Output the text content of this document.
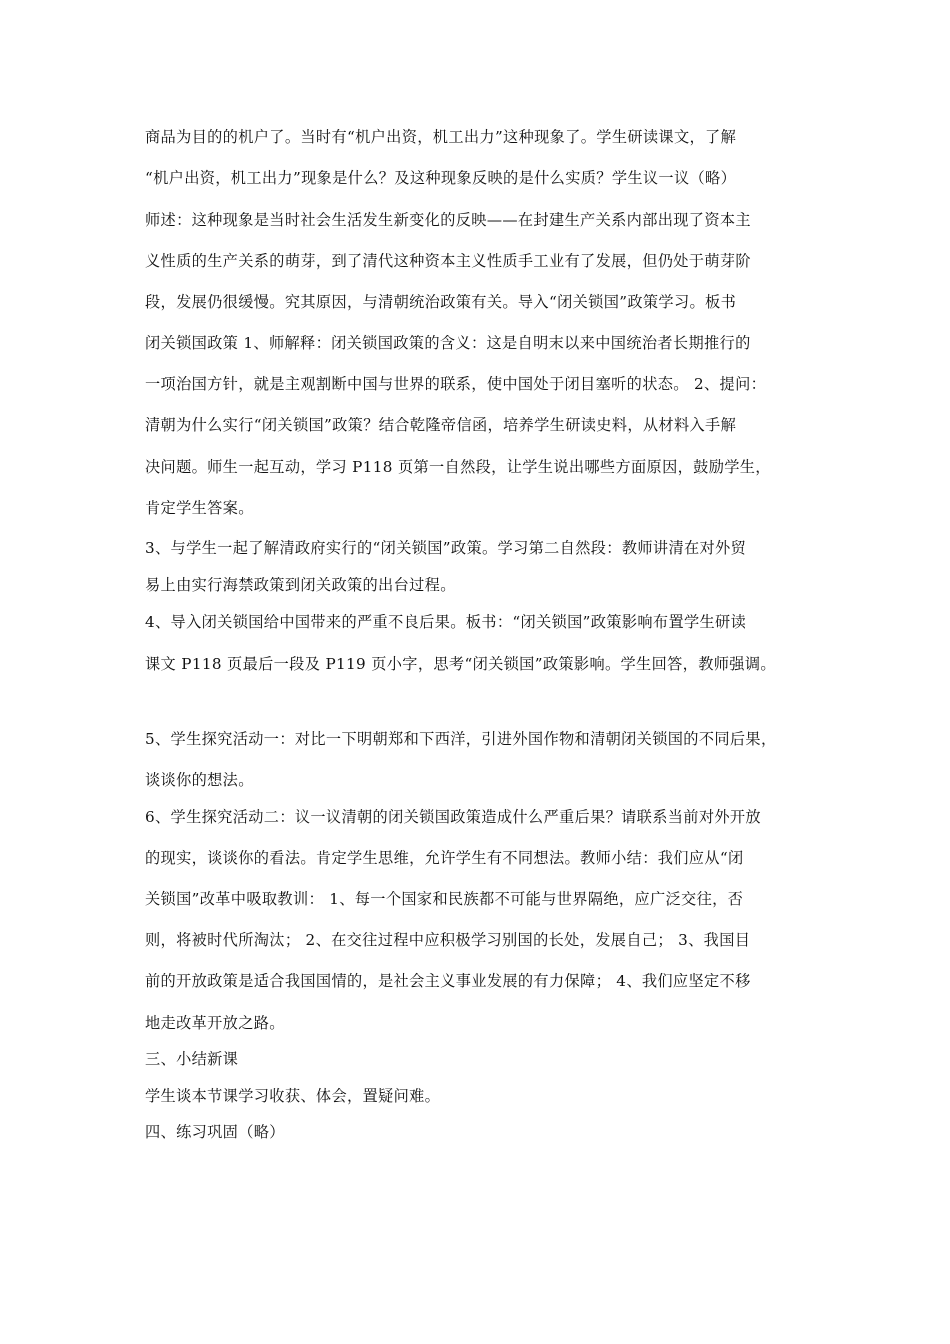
商品为目的的机户了。当时有“机户出资，机工出力”这种现象了。学生研读课文，了解
“机户出资，机工出力”现象是什么？及这种现象反映的是什么实质？学生议一议（略）
师述：这种现象是当时社会生活发生新变化的反映——在封建生产关系内部出现了资本主
义性质的生产关系的萌芽，到了清代这种资本主义性质手工业有了发展，但仍处于萌芽阶
段，发展仍很缓慢。究其原因，与清朝统治政策有关。导入“闭关锁国”政策学习。板书
闭关锁国政策 1、师解释：闭关锁国政策的含义：这是自明末以来中国统治者长期推行的
一项治国方针，就是主观割断中国与世界的联系，使中国处于闭目塞听的状态。 2、提问：
清朝为什么实行“闭关锁国”政策？结合乾隆帝信函，培养学生研读史料，从材料入手解
决问题。师生一起互动，学习 P118 页第一自然段，让学生说出哪些方面原因，鼓励学生，
肯定学生答案。
3、与学生一起了解清政府实行的“闭关锁国”政策。学习第二自然段：教师讲清在对外贸
易上由实行海禁政策到闭关政策的出台过程。
4、导入闭关锁国给中国带来的严重不良后果。板书：“闭关锁国”政策影响布置学生研读
课文 P118 页最后一段及 P119 页小字，思考“闭关锁国”政策影响。学生回答，教师强调。
5、学生探究活动一：对比一下明朝郑和下西洋，引进外国作物和清朝闭关锁国的不同后果，
谈谈你的想法。
6、学生探究活动二：议一议清朝的闭关锁国政策造成什么严重后果？请联系当前对外开放
的现实，谈谈你的看法。肯定学生思维，允许学生有不同想法。教师小结：我们应从“闭
关锁国”改革中吸取教训： 1、每一个国家和民族都不可能与世界隔绝，应广泛交往，否
则，将被时代所淘汰； 2、在交往过程中应积极学习别国的长处，发展自己； 3、我国目
前的开放政策是适合我国国情的，是社会主义事业发展的有力保障； 4、我们应坚定不移
地走改革开放之路。
三、小结新课
学生谈本节课学习收获、体会，置疑问难。
四、练习巩固（略）
